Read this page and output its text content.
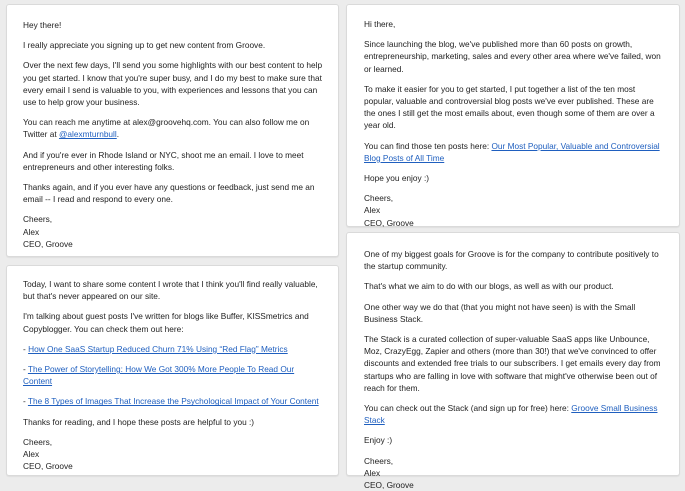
Hey there!

I really appreciate you signing up to get new content from Groove.

Over the next few days, I'll send you some highlights with our best content to help you get started. I know that you're super busy, and I do my best to make sure that every email I send is valuable to you, with experiences and lessons that you can use to help grow your business.

You can reach me anytime at alex@groovehq.com. You can also follow me on Twitter at @alexmturnbull.

And if you're ever in Rhode Island or NYC, shoot me an email. I love to meet entrepreneurs and other interesting folks.

Thanks again, and if you ever have any questions or feedback, just send me an email -- I read and respond to every one.

Cheers,
Alex
CEO, Groove

Hi there,

Since launching the blog, we've published more than 60 posts on growth, entrepreneurship, marketing, sales and every other area where we've failed, won or learned.

To make it easier for you to get started, I put together a list of the ten most popular, valuable and controversial blog posts we've ever published. These are the ones I still get the most emails about, even though some of them are over a year old.

You can find those ten posts here: Our Most Popular, Valuable and Controversial Blog Posts of All Time

Hope you enjoy :)

Cheers,
Alex
CEO, Groove

Today, I want to share some content I wrote that I think you'll find really valuable, but that's never appeared on our site.

I'm talking about guest posts I've written for blogs like Buffer, KISSmetrics and Copyblogger. You can check them out here:

- How One SaaS Startup Reduced Churn 71% Using “Red Flag” Metrics

- The Power of Storytelling: How We Got 300% More People To Read Our Content

- The 8 Types of Images That Increase the Psychological Impact of Your Content

Thanks for reading, and I hope these posts are helpful to you :)

Cheers,
Alex
CEO, Groove

One of my biggest goals for Groove is for the company to contribute positively to the startup community.

That's what we aim to do with our blogs, as well as with our product.

One other way we do that (that you might not have seen) is with the Small Business Stack.

The Stack is a curated collection of super-valuable SaaS apps like Unbounce, Moz, CrazyEgg, Zapier and others (more than 30!) that we've convinced to offer discounts and extended free trials to our subscribers. I get emails every day from startups who are falling in love with software that might've otherwise been out of reach for them.

You can check out the Stack (and sign up for free) here: Groove Small Business Stack

Enjoy :)

Cheers,
Alex
CEO, Groove
